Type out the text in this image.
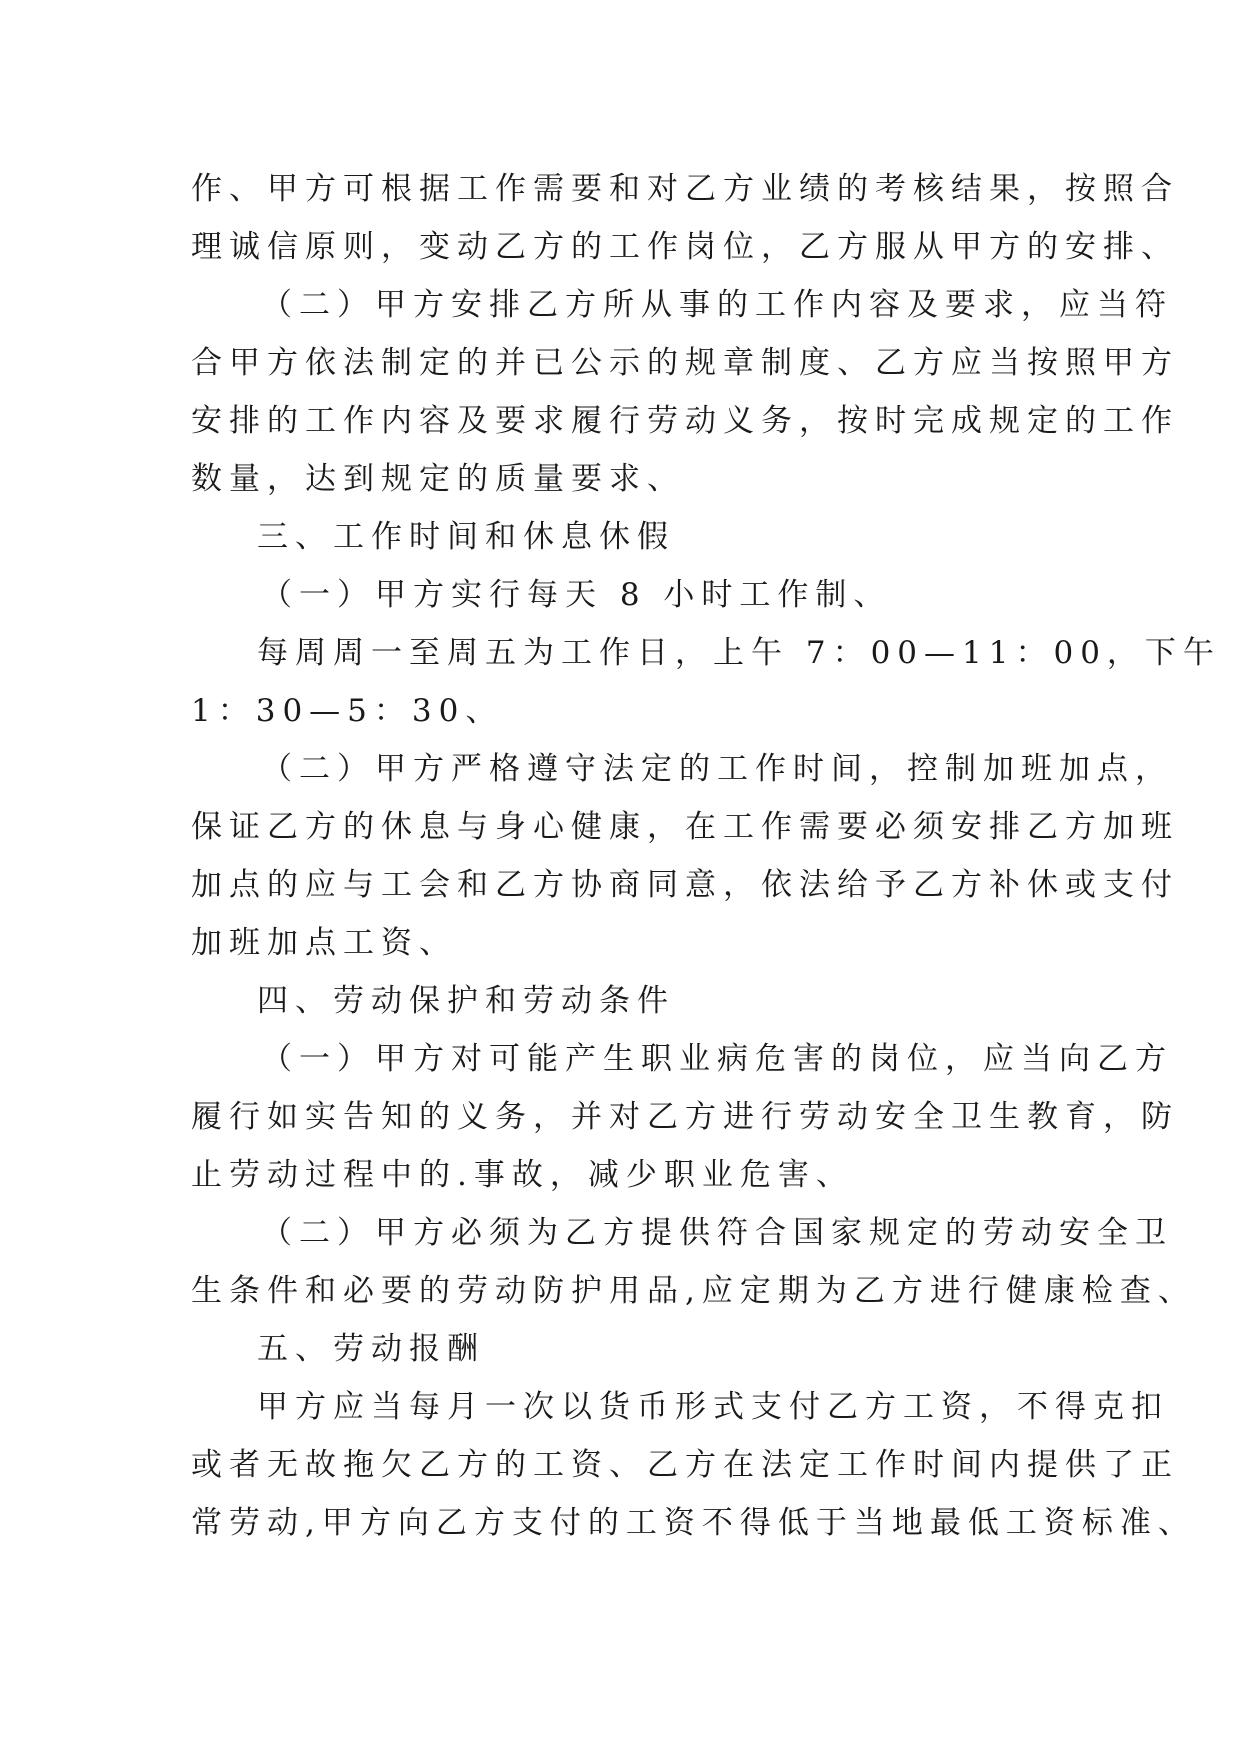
作、甲方可根据工作需要和对乙方业绩的考核结果，按照合
理诚信原则，变动乙方的工作岗位，乙方服从甲方的安排、
（二）甲方安排乙方所从事的工作内容及要求，应当符
合甲方依法制定的并已公示的规章制度、乙方应当按照甲方
安排的工作内容及要求履行劳动义务，按时完成规定的工作
数量，达到规定的质量要求、
三、工作时间和休息休假
（一）甲方实行每天 8 小时工作制、
每周周一至周五为工作日，上午 7：00—11：00，下午
1：30—5：30、
（二）甲方严格遵守法定的工作时间，控制加班加点，
保证乙方的休息与身心健康，在工作需要必须安排乙方加班
加点的应与工会和乙方协商同意，依法给予乙方补休或支付
加班加点工资、
四、劳动保护和劳动条件
（一）甲方对可能产生职业病危害的岗位，应当向乙方
履行如实告知的义务，并对乙方进行劳动安全卫生教育，防
止劳动过程中的.事故，减少职业危害、
（二）甲方必须为乙方提供符合国家规定的劳动安全卫
生条件和必要的劳动防护用品,应定期为乙方进行健康检查、
五、劳动报酬
甲方应当每月一次以货币形式支付乙方工资，不得克扣
或者无故拖欠乙方的工资、乙方在法定工作时间内提供了正
常劳动,甲方向乙方支付的工资不得低于当地最低工资标准、
